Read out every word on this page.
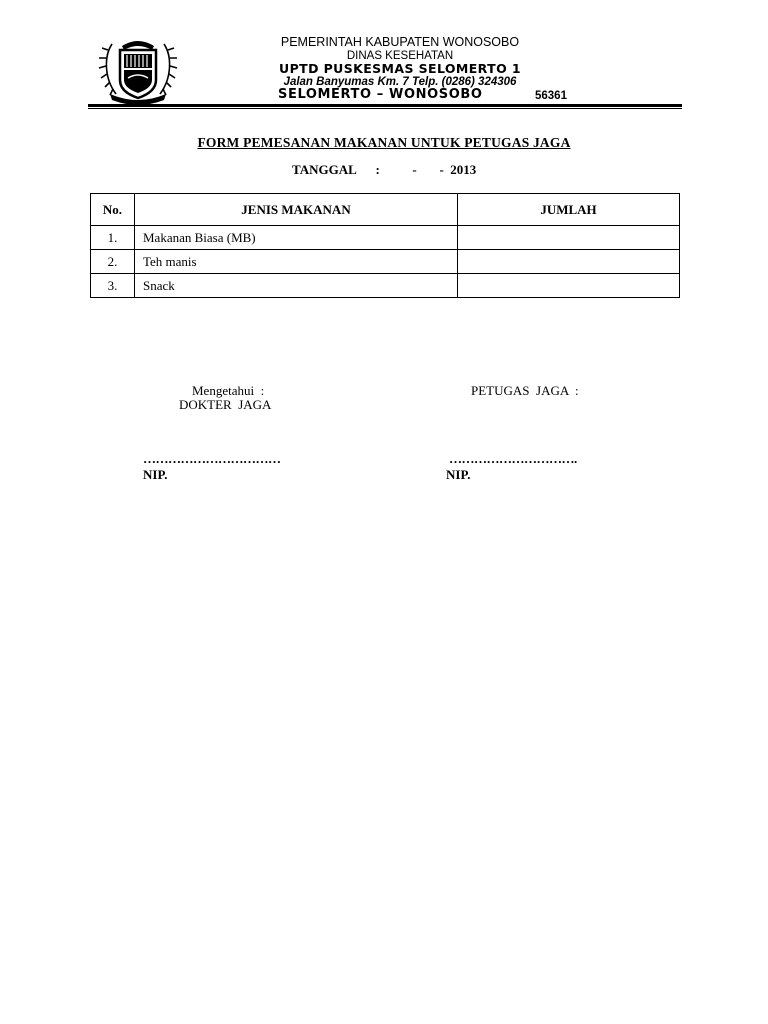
PEMERINTAH KABUPATEN WONOSOBO
DINAS KESEHATAN
UPTD PUSKESMAS SELOMERTO 1
Jalan Banyumas Km. 7 Telp. (0286) 324306
SELOMERTO – WONOSOBO	56361
FORM PEMESANAN MAKANAN UNTUK PETUGAS JAGA
TANGGAL      :          -       -  2013
No.	JENIS MAKANAN	JUMLAH
1.	Makanan Biasa (MB)	
2.	Teh manis	
3.	Snack	
Mengetahui  :
DOKTER  JAGA
PETUGAS  JAGA  :
……………………………	………………………….
NIP.	NIP.
